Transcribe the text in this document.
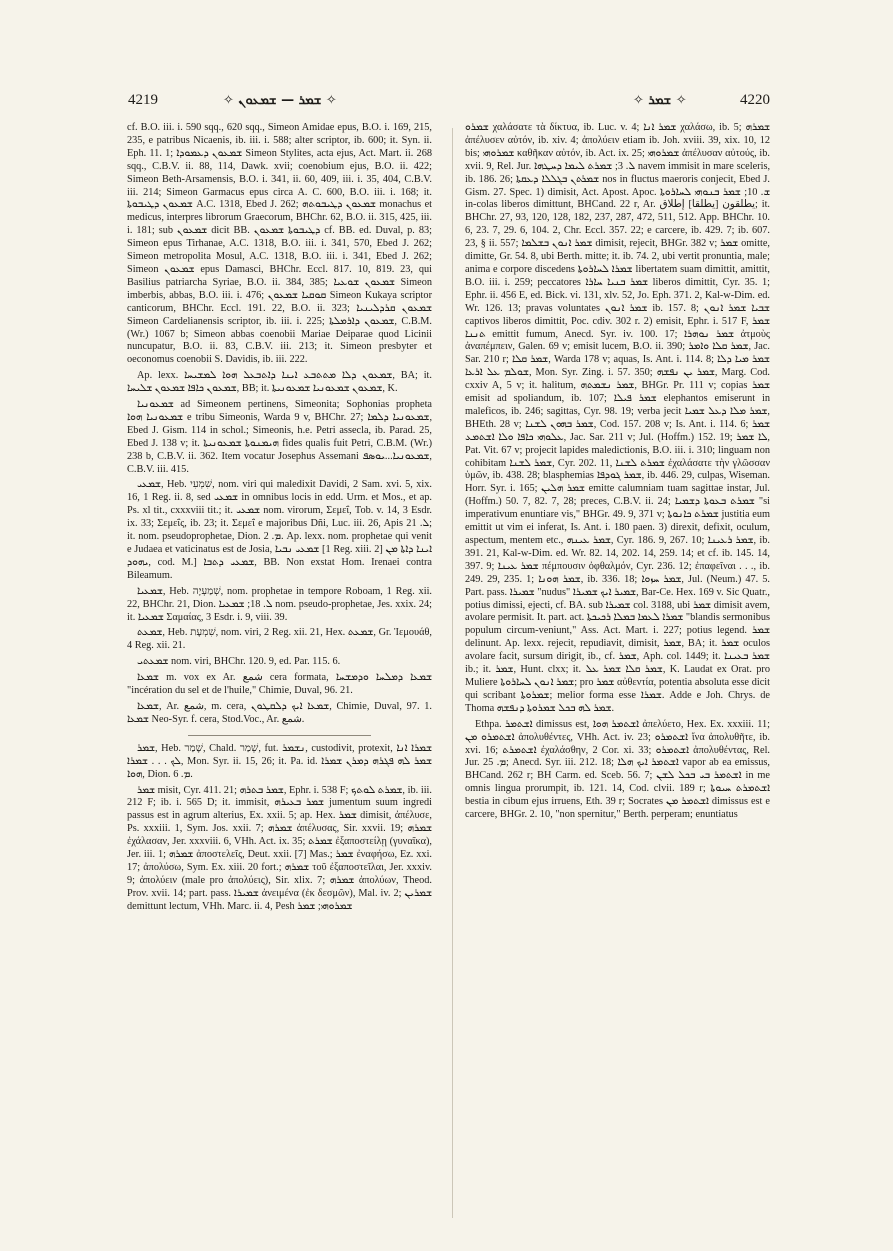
4219	✧ ܫܡܪ — ܫܡܥܘܢ ✧	✧ ܫܡܪ ✧	4220

cf. B.O. iii. i. 590 sqq., 620 sqq., Simeon Amidae epus, B.O. i. 169, 215, 235, e patribus Nicaenis, ib. iii. i. 588; alter scriptor, ib. 600; it. Syn. ii. Eph. 11. 1; ܫܡܥܘܢ ܕܥܡܘܕܐ Simeon Stylites, acta ejus, Act. Mart. ii. 268 sqq., C.B.V. ii. 88, 114, Dawk. xvii; coenobium ejus, B.O. ii. 422; Simeon Beth-Arsamensis, B.O. i. 341, ii. 60, 409, iii. i. 35, 404, C.B.V. iii. 214; Simeon Garmacus epus circa A. C. 600, B.O. iii. i. 168; it. ܫܡܥܘܢ ܕܛܝܒܘܬܐ A.C. 1318, Ebed J. 262; ܫܡܥܘܢ ܕܛܝܒܘܬܗ monachus et medicus, interpres librorum Graecorum, BHChr. 62, B.O. ii. 315, 425, iii. i. 181; sub ܫܡܥܘܢ dicit BB. ܕܛܝܒܘܬܐ ܫܡܥܘܢ cf. BB. ed. Duval, p. 83; Simeon epus Tirhanae, A.C. 1318, B.O. iii. i. 341, 570, Ebed J. 262; Simeon metropolita Mosul, A.C. 1318, B.O. iii. i. 341, Ebed J. 262; Simeon ܫܡܥܘܢ epus Damasci, BHChr. Eccl. 817. 10, 819. 23, qui Basilius patriarcha Syriae, B.O. ii. 384, 385; ܫܡܥܘܢ ܫܘܥܝܐ Simeon imberbis, abbas, B.O. iii. i. 476; ܩܘܩܝܐ ܫܡܥܘܢ Simeon Kukaya scriptor canticorum, BHChr. Eccl. 191. 22, B.O. ii. 323; ܫܡܥܘܢ ܩܪܕܠܝܢܝܐ Simeon Cardelianensis scriptor, ib. iii. i. 225; ܫܡܥܘܢ ܕܐܪܡܠܬܐ, C.B.M. (Wr.) 1067 b; Simeon abbas coenobii Mariae Deiparae quod Licinii nuncupatur, B.O. ii. 83, C.B.V. iii. 213; it. Simeon presbyter et oeconomus coenobii S. Davidis, ib. iii. 222.

Ap. lexx. ܫܡܥܘܢ ܕܠܐ ܡܬܬܒܥ ܐܝܢܐ ܕܐܬܒܥܠ ܗܘܐ ܠܡܫܝܚܐ, BA; it. ܫܡܥܘܢ ܟܐܦܐ ܫܡܥܘܢ ܫܠܝܚܐ, BB; it. ܫܡܥܘܢ ܫܡܥܘܢܝܐ ܫܡܥܘܢܝܬܐ, K.

ܫܡܥܘܢܝܐ ad Simeonem pertinens, Simeonita; Sophonias propheta ܫܡܥܘܢܝܐ ܗܘܐ e tribu Simeonis, Warda 9 v, BHChr. 27; ܫܡܥܘܢܝܐ ܕܠܡܐ, Ebed J. Gism. 114 in schol.; Simeonis, h.e. Petri assecla, ib. Parad. 25, Ebed J. 138 v; it. ܗܝܡܢܘܬܐ ܫܡܥܘܢܝܬܐ fides qualis fuit Petri, C.B.M. (Wr.) 238 b, C.B.V. ii. 362. Item vocatur Josephus Assemani ܫܡܥܘܢܝܐ...ܝܘܣܦ, C.B.V. iii. 415.

ܫܡܥܝ, Heb. שִׁמְעִי, nom. viri qui maledixit Davidi, 2 Sam. xvi. 5, xix. 16, 1 Reg. ii. 8, sed ܫܡܥܝ in omnibus locis in edd. Urm. et Mos., et ap. Ps. xl tit., cxxxviii tit.; it. ܫܡܥܝ nom. virorum, Σεμεΐ, Tob. v. 14, 3 Esdr. ix. 33; Σεμεΐς, ib. 23; it. Σεμεΐ e majoribus Dñi, Luc. iii. 26, Apis ܠ. 21; it. nom. pseudoprophetae, Dion. ܡ. 2. Ap. lexx. nom. prophetae qui venit e Judaea et vaticinatus est de Josia, ܫܡܥܝ ܢܒܝܐ [1 Reg. xiii. 2] ܐܝܢܐ ܕܐܬܐ ܡܢ ܝܗܘܕ, cod. M.] ܫܡܥܝ ܕܬܒܐ, BB. Non exstat Hom. Irenaei contra Bileamum.

ܫܡܥܝܐ, Heb. שְׁמַעְיָה, nom. prophetae in tempore Roboam, 1 Reg. xii. 22, BHChr. 21, Dion. ܠ. 18; ܫܡܥܝܐ nom. pseudo-prophetae, Jes. xxix. 24; it. ܫܡܥܝܐ Σαμαίας, 3 Esdr. i. 9, viii. 39.

ܫܡܥܬ, Heb. שִׁמְעָת, nom. viri, 2 Reg. xii. 21, Hex. ܫܡܥܬ, Gr. Ἰεμουάθ, 4 Reg. xii. 21.

ܫܡܥܬܝ nom. viri, BHChr. 120. 9, ed. Par. 115. 6.

ܫܡܥܐ m. vox ex Ar. شمع cera formata, ܫܡܥܐ ܕܡܠܚܐ ܘܕܡܫܚܐ "incération du sel et de l'huile," Chimie, Duval, 96. 21.

ܫܡܥܐ, Ar. شمع, m. cera, ܫܡܥܐ ܐܝܟ ܕܠܩܛܘܢ, Chimie, Duval, 97. 1. ܫܡܥܐ Neo-Syr. f. cera, Stod.Voc., Ar. شمع.

ܫܡܪ, Heb. שָׁמַר, Chald. שְׁמַר, fut. ܢܫܡܪ, custodivit, protexit, ܫܡܪܐ ܐܢܐ ܠܟ . . . ܫܡܪܐ, Mon. Syr. ii. 15, 26; it. Pa. id. ܫܡܪ ܠܗ ܦܓܪܗ ܕܡܪܢ ܫܡܪܐ ܗܘܐ, Dion. ܡ. 6.

ܫܡܪ misit, Cyr. 411. 21; ܫܡܪ ܒܬܪܗ, Ephr. i. 538 F; ܫܡܪܬ ܠܘܬܟ, ib. iii. 212 F; ib. i. 565 D; it. immisit, ܫܡܪ ܒܥܝܪܗ jumentum suum ingredi passus est in agrum alterius, Ex. xxii. 5; ap. Hex. ܫܡܪ dimisit, ἀπέλυσε, Ps. xxxiii. 1, Sym. Jos. xxii. 7; ܫܡܪܗ ἀπέλυσας, Sir. xxvii. 19; ܫܡܪܗ ἐχάλασαν, Jer. xxxviii. 6, VHh. Act. ix. 35; ܫܡܪܬ ἐξαποστείλῃ (γυναῖκα), Jer. iii. 1; ܫܡܪܗ ἀποστελεῖς, Deut. xxii. [7] Mas.; ܫܡܪ ἐναφήσω, Ez. xxi. 17; ἀπολύσω, Sym. Ex. xiii. 20 fort.; ܫܡܪܗ τοῦ ἐξαποστεῖλαι, Jer. xxxiv. 9; ἀπολύειν (male pro ἀπολύεις), Sir. xlix. 7; ܫܡܪܗ ἀπολύων, Theod. Prov. xvii. 14; part. pass. ܫܡܝܪܐ ἀνειμένα (ἐκ δεσμῶν), Mal. iv. 2; ܫܡܪܝܢ demittunt lectum, VHh. Marc. ii. 4, Pesh ܫܡܪܘܗܝ; ܫܡܪ

ܫܡܪܘ χαλάσατε τὰ δίκτυα, ib. Luc. v. 4; ܫܡܪ ܐܢܐ χαλάσω, ib. 5; ܫܡܪܗ ἀπέλυσεν αὐτόν, ib. xiv. 4; ἀπολύειν etiam ib. Joh. xviii. 39, xix. 10, 12 bis; ܫܡܪܘܗܝ καθῆκαν αὐτόν, ib. Act. ix. 25; ܫܡܪܘܗܝ ἀπέλυσαν αὐτούς, ib. xvii. 9, Rel. Jur. ܠ. 3; ܫܡܪܬ ܠܝܡܐ ܕܚܛܗܐ navem immisit in mare sceleris, ib. 186. 26; ܫܡܪܬܢ ܒܓܠܠܐ ܕܥܩܬܐ nos in fluctus maeroris conjecit, Ebed J. Gism. 27. Spec. 1) dimisit, Act. Apost. Apoc. ܫ. 10; ܫܡܪ ܒܢܘܗܝ ܠܚܐܪܘܬܐ in-colas liberos dimittunt, BHCand. 22 r, Ar. يطلقون [يطلقا] إطلاق; it. BHChr. 27, 93, 120, 128, 182, 237, 287, 472, 511, 512. App. BHChr. 10. 6, 23. 7, 29. 6, 104. 2, Chr. Eccl. 357. 22; e carcere, ib. 429. 7; ib. 607. 23, § ii. 557; ܫܡܪ ܐܢܘܢ ܒܫܠܡܐ dimisit, rejecit, BHGr. 382 v; ܫܡܪ omitte, dimitte, Gr. 54. 8, ubi Berth. mitte; it. ib. 74. 2, ubi vertit pronuntia, male; anima e corpore discedens ܫܡܪܐ ܠܚܐܪܘܬܐ libertatem suam dimittit, amittit, B.O. iii. i. 259; peccatores ܫܡܪ ܒܢܝܐ ܚܐܪܐ liberos dimittit, Cyr. 35. 1; Ephr. ii. 456 E, ed. Bick. vi. 131, xlv. 52, Jo. Eph. 371. 2, Kal-w-Dim. ed. Wr. 126. 13; pravas voluntates ܫܡܪ ܐܢܘܢ ib. 157. 8; ܫܒܝܐ ܫܡܪ ܐܢܘܢ captivos liberos dimittit, Poc. cdiv. 302 r. 2) emisit, Ephr. i. 517 F, ܫܡܪ ܬܢܢܐ emittit fumum, Anecd. Syr. iv. 100. 17; ܫܡܪ ܢܘܗܪܐ ἀτμοὺς ἀναπέμπειν, Galen. 69 v; emisit lucem, B.O. ii. 390; ܫܡܪ ܩܠܐ ܘܐܡܪ, Jac. Sar. 210 r; ܫܡܪ ܩܠܐ, Warda 178 v; aquas, Is. Ant. i. 114. 8; ܫܡܪ ܡܝܐ ܕܠܐ ܫܘܠܡ ܥܠ ܐܪܥܐ, Mon. Syr. Zing. i. 57. 350; ܫܡܪ ܝܢ ܢܦܫܗ, Marg. Cod. cxxiv A, 5 v; it. halitum, ܫܡܪ ܢܫܡܬܗ, BHGr. Pr. 111 v; copias ܫܡܪ emisit ad spoliandum, ib. 107; ܫܡܪ ܦܝܠܐ elephantos emiserunt in maleficos, ib. 246; sagittas, Cyr. 98. 19; verba jecit ܫܡܪ ܡܠܐ ܕܥܠ ܫܡܝܐ, BHEth. 28 v; ܫܡܪ ܒܗܘܢ ܠܫܢܐ, Cod. 157. 208 v; Is. Ant. i. 114. 6; ܫܡܪ ܥܠܘܗܝ ܟܐܦܐ ܘܠܐ ܐܫܬܡܥ, Jac. Sar. 211 v; Jul. (Hoffm.) 152. 19; ܠܐ ܫܡܪ, Pat. Vit. 67 v; projecit lapides maledictionis, B.O. iii. i. 310; linguam non cohibitam ܫܡܪ ܠܫܢܐ, Cyr. 202. 11, ܫܡܪܬ ܠܫܢܐ ἐχαλάσατε τὴν γλῶσσαν ὑμῶν, ib. 438. 28; blasphemias ܫܡܪ ܓܘܕܦܐ, ib. 446. 29, culpas, Wiseman. Horr. Syr. i. 165; ܫܡܪ ܗܠܝܢ emitte calumniam tuam sagittae instar, Jul. (Hoffm.) 50. 7, 82. 7, 28; preces, C.B.V. ii. 24; ܫܡܪܬ ܒܥܘܬܐ ܕܫܡܝܐ "si imperativum enuntiare vis," BHGr. 49. 9, 371 v; ܫܡܪܬ ܟܐܢܘܬܐ justitia eum emittit ut vim ei inferat, Is. Ant. i. 180 paen. 3) direxit, defixit, oculum, aspectum, mentem etc., ܫܡܪ ܥܝܢܗ, Cyr. 186. 9, 267. 10; ܫܡܪ ܪܥܝܢܐ, ib. 391. 21, Kal-w-Dim. ed. Wr. 82. 14, 202. 14, 259. 14; et cf. ib. 145. 14, 397. 9; ܫܡܪ ܥܝܢܐ πέμπουσιν ὀφθαλμόν, Cyr. 236. 12; ἐπαφεῖναι . . ., ib. 249. 29, 235. 1; ܫܡܪ ܗܘܢܐ, ib. 336. 18; ܫܡܪ ܚܙܘܐ, Jul. (Neum.) 47. 5. Part. pass. ܫܡܝܪܐ "nudus" ܫܡܝܪ ܐܝܟ ܫܡܝܪܐ, Bar-Ce. Hex. 169 v. Sic Quatr., potius dimissi, ejecti, cf. BA. sub ܫܡܝܪܐ col. 3188, ubi ܫܡܪ dimisit avem, avolare permisit. It. part. act. ܫܡܪܐ ܠܥܡܐ ܒܡܠܐ ܪܟܝܟܬܐ "blandis sermonibus populum circum-veniunt," Ass. Act. Mart. i. 227; potius legend. ܫܡܪ delinunt. Ap. lexx. rejecit, repudiavit, dimisit, ܫܡܪ, BA; it. ܫܡܪ oculos avolare facit, sursum dirigit, ib., cf. ܫܡܪ, Aph. col. 1449; it. ܫܡܪ ܒܥܝܢܐ ib.; it. ܫܡܪ, Hunt. clxx; it. ܫܡܪ ܩܠܐ ܫܡܪ ܥܠ, K. Laudat ex Orat. pro Muliere ܫܡܪ ܐܢܘܢ ܠܚܐܪܘܬܐ; pro ܫܡܪ αὐθεντία, potentia absoluta esse dicit qui scribant ܫܡܪܘܬܐ; melior forma esse ܫܡܪܐ. Adde e Joh. Chrys. de Thoma ܫܡܪ ܠܗ ܒܟܠ ܫܡܪܘܬܐ ܕܢܦܫܗ.

Ethpa. ܐܫܬܡܪ dimissus est, ܐܫܬܡܪ ܗܘܐ ἀπελύετο, Hex. Ex. xxxiii. 11; ܐܫܬܡܪܘ ܡܢ ἀπολυθέντες, VHh. Act. iv. 23; ܐܫܬܡܪܘ ἵνα ἀπολυθῆτε, ib. xvi. 16; ܐܫܬܡܪܬ ἐχαλάσθην, 2 Cor. xi. 33; ܐܫܬܡܪܘ ἀπολυθέντας, Rel. Jur. ܡ. 25; Anecd. Syr. iii. 212. 18; ܐܫܬܡܪ ܐܝܟ ܗܠܐ vapor ab ea emissus, BHCand. 262 r; BH Carm. ed. Sceb. 56. 7; ܐܫܬܡܪ ܒܝ ܒܟܠ ܠܫܢ in me omnis lingua prorumpit, ib. 121. 14, Cod. clvii. 189 r; ܐܫܬܡܪܬ ܚܝܘܬܐ bestia in cibum ejus irruens, Eth. 39 r; Socrates ܐܫܬܡܪ ܡܢ dimissus est e carcere, BHGr. 2. 10, "non spernitur," Berth. perperam; enuntiatus
